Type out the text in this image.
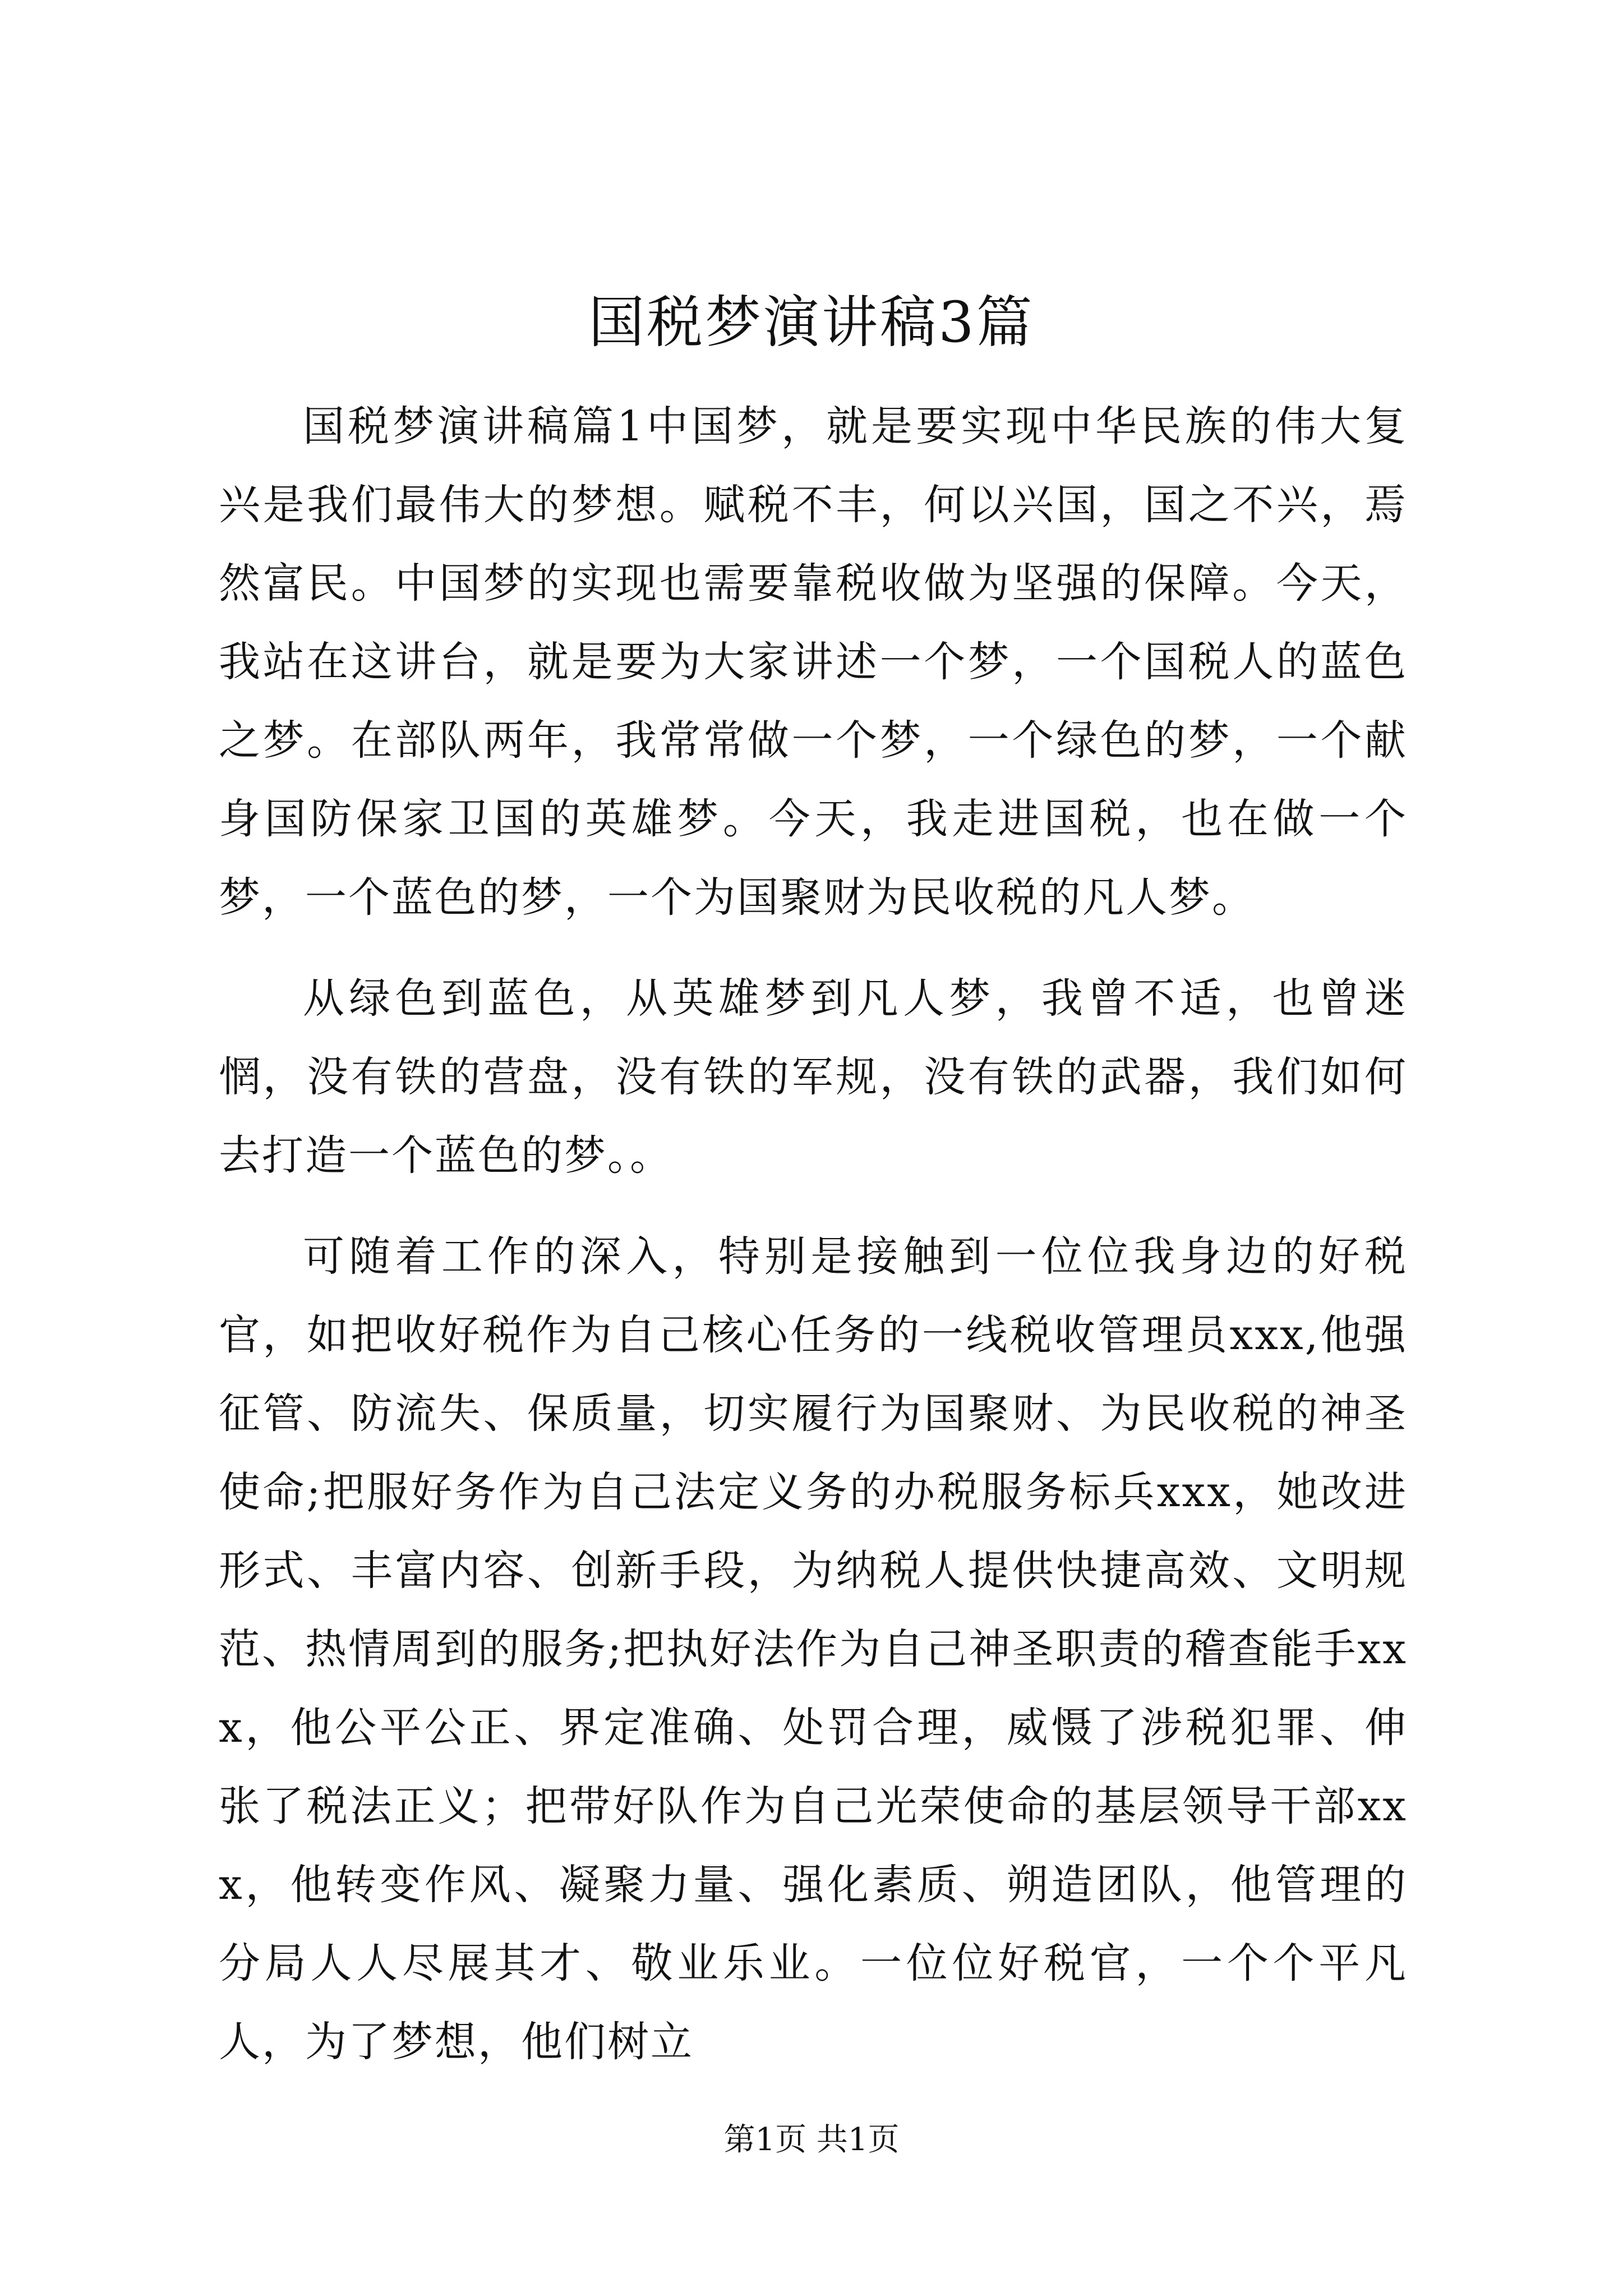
国税梦演讲稿3篇

国税梦演讲稿篇1中国梦，就是要实现中华民族的伟大复兴是我们最伟大的梦想。赋税不丰，何以兴国，国之不兴，焉然富民。中国梦的实现也需要靠税收做为坚强的保障。今天，我站在这讲台，就是要为大家讲述一个梦，一个国税人的蓝色之梦。在部队两年，我常常做一个梦，一个绿色的梦，一个献身国防保家卫国的英雄梦。今天，我走进国税，也在做一个梦，一个蓝色的梦，一个为国聚财为民收税的凡人梦。

从绿色到蓝色，从英雄梦到凡人梦，我曾不适，也曾迷惘，没有铁的营盘，没有铁的军规，没有铁的武器，我们如何去打造一个蓝色的梦。。

可随着工作的深入，特别是接触到一位位我身边的好税官，如把收好税作为自己核心任务的一线税收管理员xxx,他强征管、防流失、保质量，切实履行为国聚财、为民收税的神圣使命;把服好务作为自己法定义务的办税服务标兵xxx，她改进形式、丰富内容、创新手段，为纳税人提供快捷高效、文明规范、热情周到的服务;把执好法作为自己神圣职责的稽查能手xxx，他公平公正、界定准确、处罚合理，威慑了涉税犯罪、伸张了税法正义；把带好队作为自己光荣使命的基层领导干部xxx，他转变作风、凝聚力量、强化素质、朔造团队，他管理的分局人人尽展其才、敬业乐业。一位位好税官，一个个平凡人，为了梦想，他们树立

第1页 共1页
